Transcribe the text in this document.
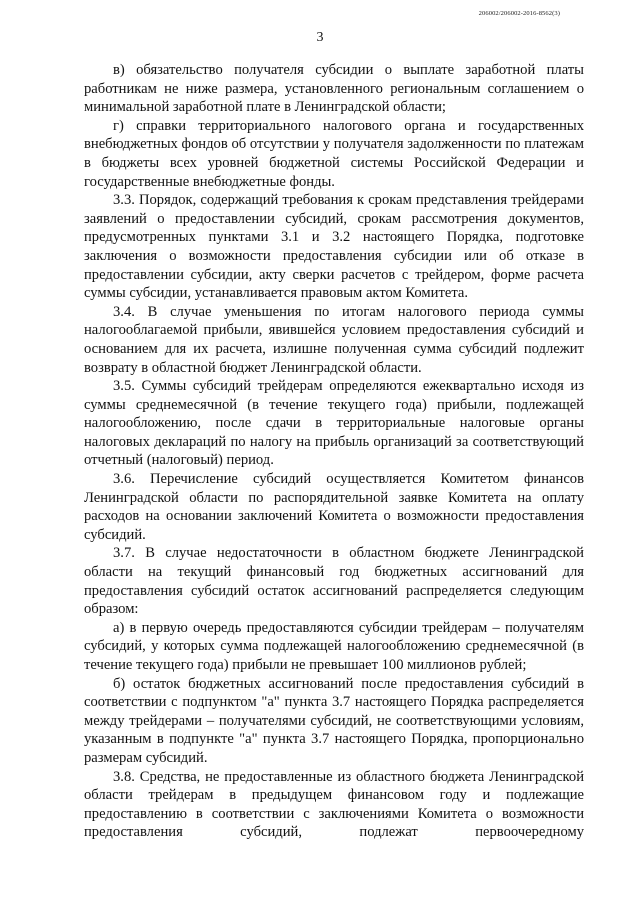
206002/206002-2016-8562(3)
3

в) обязательство получателя субсидии о выплате заработной платы работникам не ниже размера, установленного региональным соглашением о минимальной заработной плате в Ленинградской области;

г) справки территориального налогового органа и государственных внебюджетных фондов об отсутствии у получателя задолженности по платежам в бюджеты всех уровней бюджетной системы Российской Федерации и государственные внебюджетные фонды.

3.3. Порядок, содержащий требования к срокам представления трейдерами заявлений о предоставлении субсидий, срокам рассмотрения документов, предусмотренных пунктами 3.1 и 3.2 настоящего Порядка, подготовке заключения о возможности предоставления субсидии или об отказе в предоставлении субсидии, акту сверки расчетов с трейдером, форме расчета суммы субсидии, устанавливается правовым актом Комитета.

3.4. В случае уменьшения по итогам налогового периода суммы налогооблагаемой прибыли, явившейся условием предоставления субсидий и основанием для их расчета, излишне полученная сумма субсидий подлежит возврату в областной бюджет Ленинградской области.

3.5. Суммы субсидий трейдерам определяются ежеквартально исходя из суммы среднемесячной (в течение текущего года) прибыли, подлежащей налогообложению, после сдачи в территориальные налоговые органы налоговых деклараций по налогу на прибыль организаций за соответствующий отчетный (налоговый) период.

3.6. Перечисление субсидий осуществляется Комитетом финансов Ленинградской области по распорядительной заявке Комитета на оплату расходов на основании заключений Комитета о возможности предоставления субсидий.

3.7. В случае недостаточности в областном бюджете Ленинградской области на текущий финансовый год бюджетных ассигнований для предоставления субсидий остаток ассигнований распределяется следующим образом:

а) в первую очередь предоставляются субсидии трейдерам – получателям субсидий, у которых сумма подлежащей налогообложению среднемесячной (в течение текущего года) прибыли не превышает 100 миллионов рублей;

б) остаток бюджетных ассигнований после предоставления субсидий в соответствии с подпунктом "а" пункта 3.7 настоящего Порядка распределяется между трейдерами – получателями субсидий, не соответствующими условиям, указанным в подпункте "а" пункта 3.7 настоящего Порядка, пропорционально размерам субсидий.

3.8. Средства, не предоставленные из областного бюджета Ленинградской области трейдерам в предыдущем финансовом году и подлежащие предоставлению в соответствии с заключениями Комитета о возможности предоставления субсидий, подлежат первоочередному
